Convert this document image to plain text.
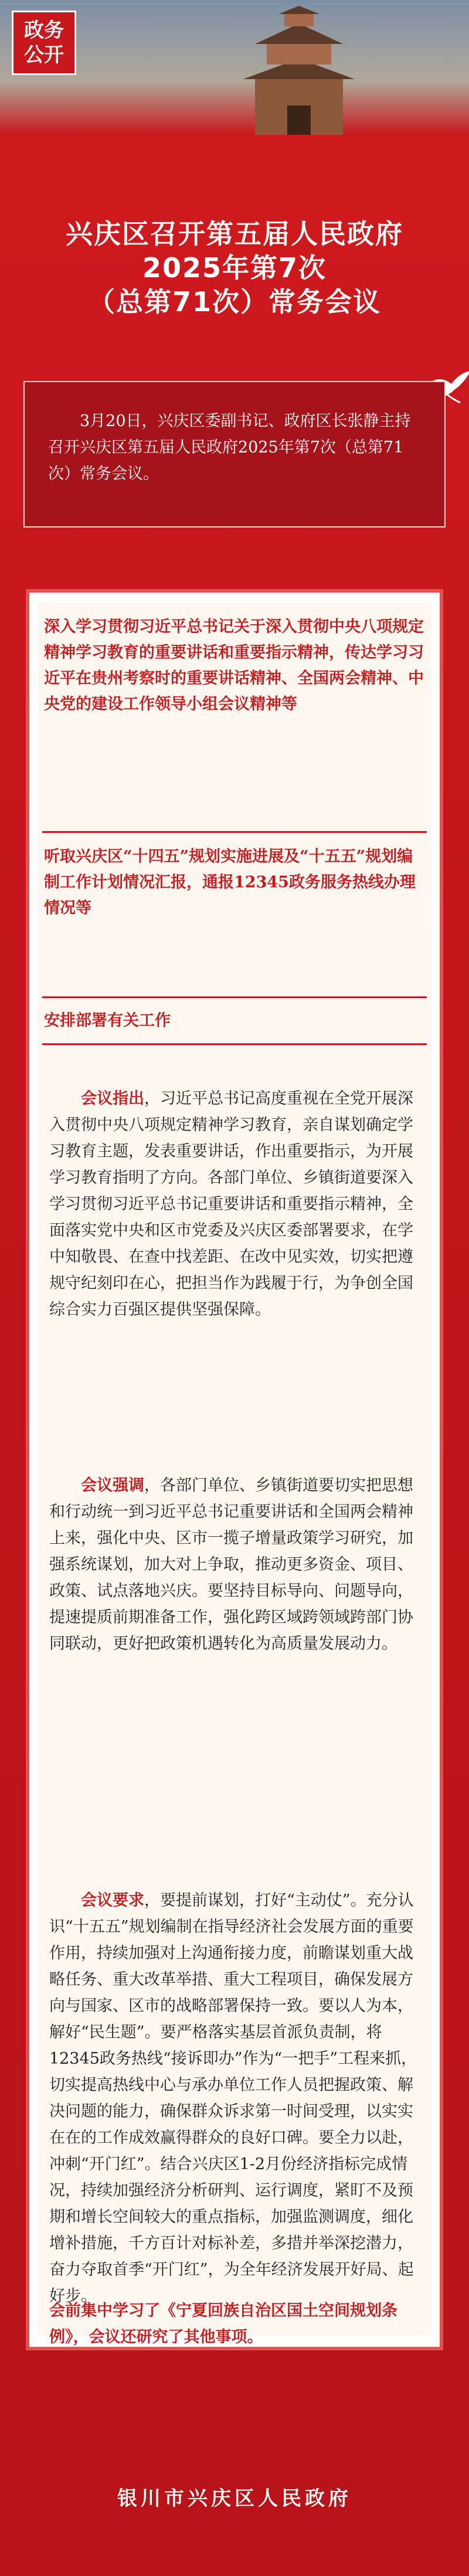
政务
公开
兴庆区召开第五届人民政府
2025年第7次
（总第71次）常务会议
3月20日，兴庆区委副书记、政府区长张静主持召开兴庆区第五届人民政府2025年第7次（总第71次）常务会议。
深入学习贯彻习近平总书记关于深入贯彻中央八项规定精神学习教育的重要讲话和重要指示精神，传达学习习近平在贵州考察时的重要讲话精神、全国两会精神、中央党的建设工作领导小组会议精神等
听取兴庆区“十四五”规划实施进展及“十五五”规划编制工作计划情况汇报，通报12345政务服务热线办理情况等
安排部署有关工作
会议指出，习近平总书记高度重视在全党开展深入贯彻中央八项规定精神学习教育，亲自谋划确定学习教育主题，发表重要讲话，作出重要指示，为开展学习教育指明了方向。各部门单位、乡镇街道要深入学习贯彻习近平总书记重要讲话和重要指示精神，全面落实党中央和区市党委及兴庆区委部署要求，在学中知敬畏、在查中找差距、在改中见实效，切实把遵规守纪刻印在心，把担当作为践履于行，为争创全国综合实力百强区提供坚强保障。
会议强调，各部门单位、乡镇街道要切实把思想和行动统一到习近平总书记重要讲话和全国两会精神上来，强化中央、区市一揽子增量政策学习研究，加强系统谋划，加大对上争取，推动更多资金、项目、政策、试点落地兴庆。要坚持目标导向、问题导向，提速提质前期准备工作，强化跨区域跨领域跨部门协同联动，更好把政策机遇转化为高质量发展动力。
会议要求，要提前谋划，打好“主动仗”。充分认识“十五五”规划编制在指导经济社会发展方面的重要作用，持续加强对上沟通衔接力度，前瞻谋划重大战略任务、重大改革举措、重大工程项目，确保发展方向与国家、区市的战略部署保持一致。要以人为本，解好“民生题”。要严格落实基层首派负责制，将12345政务热线“接诉即办”作为“一把手”工程来抓，切实提高热线中心与承办单位工作人员把握政策、解决问题的能力，确保群众诉求第一时间受理，以实实在在的工作成效赢得群众的良好口碑。要全力以赴，冲刺“开门红”。结合兴庆区1-2月份经济指标完成情况，持续加强经济分析研判、运行调度，紧盯不及预期和增长空间较大的重点指标，加强监测调度，细化增补措施，千方百计对标补差，多措并举深挖潜力，奋力夺取首季“开门红”，为全年经济发展开好局、起好步。
会前集中学习了《宁夏回族自治区国土空间规划条例》，会议还研究了其他事项。
银川市兴庆区人民政府
